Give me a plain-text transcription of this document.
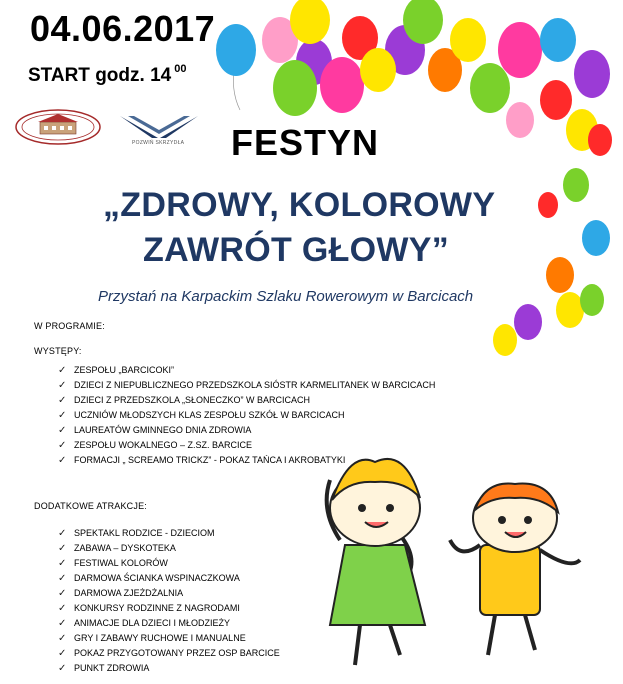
04.06.2017
START godz. 14 $^{00}$
POZWIŃ SKRZYDŁA FESTYN
„ZDROWY, KOLOROWY
ZAWRÓT GŁOWY”
Przystań na Karpackim Szlaku Rowerowym w Barcicach
W PROGRAMIE:
WYSTĘPY:
✓ ZESPOŁU „BARCICOKI”
✓ DZIECI Z NIEPUBLICZNEGO PRZEDSZKOLA SIÓSTR KARMELITANEK W BARCICACH
✓ DZIECI Z PRZEDSZKOLA „SŁONECZKO” W BARCICACH
✓ UCZNIÓW MŁODSZYCH KLAS ZESPOŁU SZKÓŁ W BARCICACH
✓ LAUREATÓW GMINNEGO DNIA ZDROWIA
✓ ZESPOŁU WOKALNEGO – Z.SZ. BARCICE
✓ FORMACJI „ SCREAMO TRICKZ” - POKAZ TAŃCA I AKROBATYKI
DODATKOWE ATRAKCJE:
✓ SPEKTAKL RODZICE - DZIECIOM
✓ ZABAWA – DYSKOTEKA
✓ FESTIWAL KOLORÓW
✓ DARMOWA ŚCIANKA WSPINACZKOWA
✓ DARMOWA ZJEŻDŻALNIA
✓ KONKURSY RODZINNE Z NAGRODAMI
✓ ANIMACJE DLA DZIECI I MŁODZIEŻY
✓ GRY I ZABAWY RUCHOWE I MANUALNE
✓ POKAZ PRZYGOTOWANY PRZEZ OSP BARCICE
✓ PUNKT ZDROWIA
